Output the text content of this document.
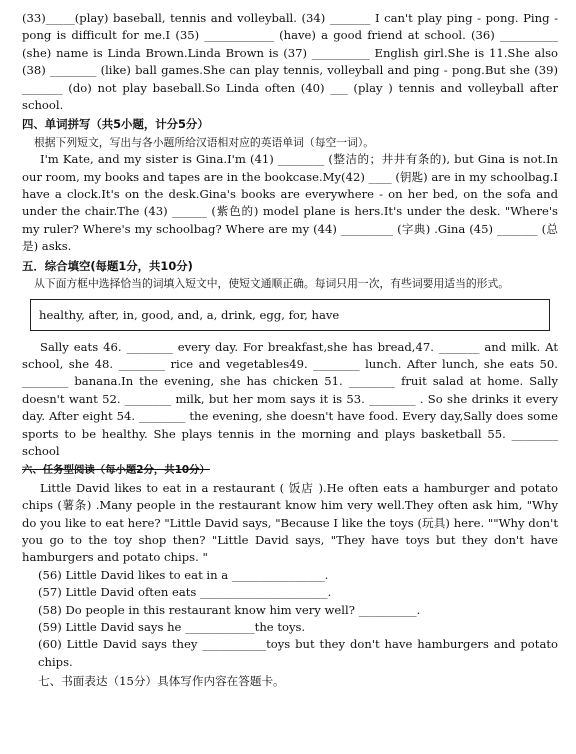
(33)_____(play) baseball, tennis and volleyball. (34) _______ I can't play ping - pong. Ping - pong is difficult for me.I (35) ____________ (have) a good friend at school. (36) __________ (she) name is Linda Brown.Linda Brown is (37) __________ English girl.She is 11.She also (38) ________ (like) ball games.She can play tennis, volleyball and ping - pong.But she (39) _______ (do) not play baseball.So Linda often (40) ___ (play ) tennis and volleyball after school.

四、单词拼写（共5小题，计分5分）

根据下列短文，写出与各小题所给汉语相对应的英语单词（每空一词）。

I'm Kate, and my sister is Gina.I'm (41) ________ (整洁的；井井有条的), but Gina is not.In our room, my books and tapes are in the bookcase.My(42) ____ (钥匙) are in my schoolbag.I have a clock.It's on the desk.Gina's books are everywhere - on her bed, on the sofa and under the chair.The (43) ______ (紫色的) model plane is hers.It's under the desk. "Where's my ruler? Where's my schoolbag? Where are my (44) _________ (字典) .Gina (45) _______ (总是) asks.

五．综合填空(每题1分，共10分)

从下面方框中选择恰当的词填入短文中，使短文通顺正确。每词只用一次，有些词要用适当的形式。

healthy, after, in, good, and, a, drink, egg, for, have

Sally eats 46. ________ every day. For breakfast,she has bread,47. _______ and milk. At school, she 48. ________ rice and vegetables49. ________ lunch. After lunch, she eats 50. ________ banana.In the evening, she has chicken 51. ________ fruit salad at home. Sally doesn't want 52. ________ milk, but her mom says it is 53. ________ . So she drinks it every day. After eight 54. ________ the evening, she doesn't have food. Every day,Sally does some sports to be healthy. She plays tennis in the morning and plays basketball 55. ________ school

六、任务型阅读（每小题2分，共10分）

Little David likes to eat in a restaurant ( 饭店 ).He often eats a hamburger and potato chips (薯条) .Many people in the restaurant know him very well.They often ask him, "Why do you like to eat here? "Little David says, "Because I like the toys (玩具) here. ""Why don't you go to the toy shop then? "Little David says, "They have toys but they don't have hamburgers and potato chips. "

(56) Little David likes to eat in a ________________.

(57) Little David often eats ______________________.

(58) Do people in this restaurant know him very well? __________.

(59) Little David says he ____________the toys.

(60) Little David says they ___________toys but they don't have hamburgers and potato chips.

七、书面表达（15分）具体写作内容在答题卡。
